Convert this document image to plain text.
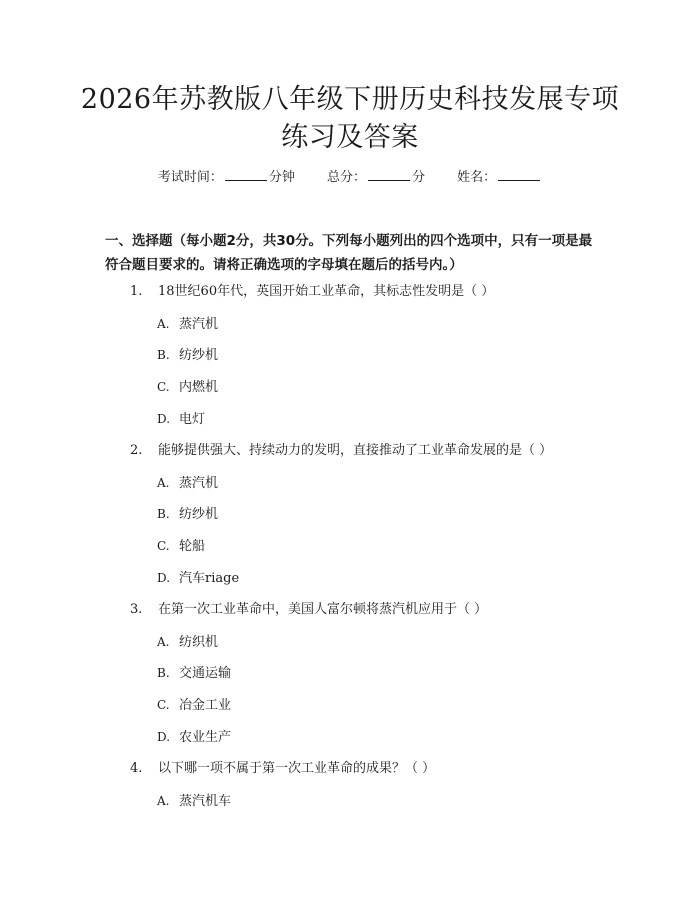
2026年苏教版八年级下册历史科技发展专项
练习及答案
考试时间：	分钟 总分：	分 姓名：
一、选择题（每小题2分，共30分。下列每小题列出的四个选项中，只有一项是最符合题目要求的。请将正确选项的字母填在题后的括号内。）
1. 18世纪60年代，英国开始工业革命，其标志性发明是（ ）
A. 蒸汽机
B. 纺纱机
C. 内燃机
D. 电灯
2. 能够提供强大、持续动力的发明，直接推动了工业革命发展的是（ ）
A. 蒸汽机
B. 纺纱机
C. 轮船
D. 汽车riage
3. 在第一次工业革命中，美国人富尔顿将蒸汽机应用于（ ）
A. 纺织机
B. 交通运输
C. 冶金工业
D. 农业生产
4. 以下哪一项不属于第一次工业革命的成果？（ ）
A. 蒸汽机车
